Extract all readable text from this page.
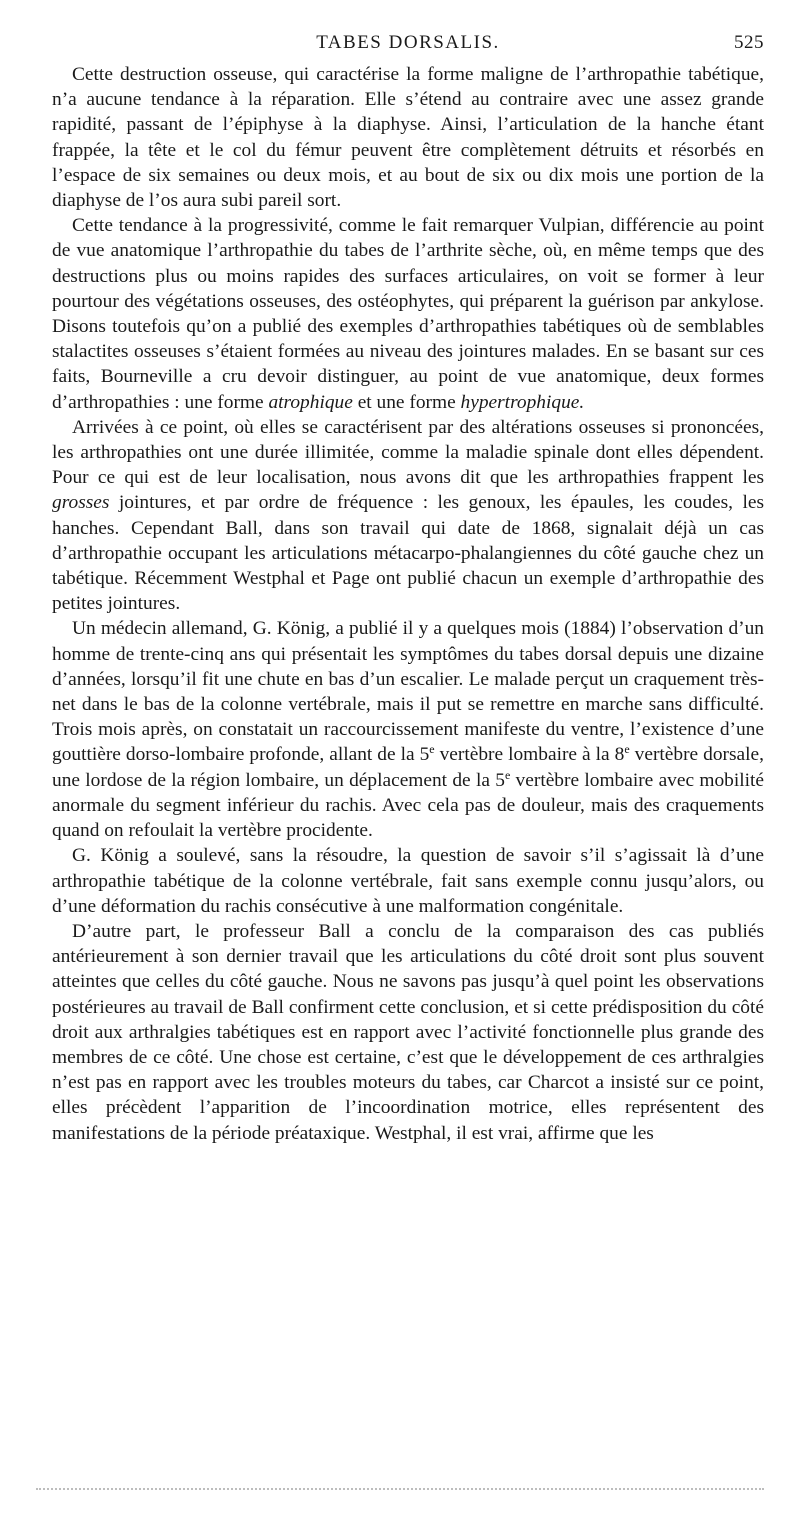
TABES DORSALIS.	525

Cette destruction osseuse, qui caractérise la forme maligne de l’arthropathie tabétique, n’a aucune tendance à la réparation. Elle s’étend au contraire avec une assez grande rapidité, passant de l’épiphyse à la diaphyse. Ainsi, l’articulation de la hanche étant frappée, la tête et le col du fémur peuvent être complètement détruits et résorbés en l’espace de six semaines ou deux mois, et au bout de six ou dix mois une portion de la diaphyse de l’os aura subi pareil sort.

Cette tendance à la progressivité, comme le fait remarquer Vulpian, différencie au point de vue anatomique l’arthropathie du tabes de l’arthrite sèche, où, en même temps que des destructions plus ou moins rapides des surfaces articulaires, on voit se former à leur pourtour des végétations osseuses, des ostéophytes, qui préparent la guérison par ankylose. Disons toutefois qu’on a publié des exemples d’arthropathies tabétiques où de semblables stalactites osseuses s’étaient formées au niveau des jointures malades. En se basant sur ces faits, Bourneville a cru devoir distinguer, au point de vue anatomique, deux formes d’arthropathies : une forme atrophique et une forme hypertrophique.

Arrivées à ce point, où elles se caractérisent par des altérations osseuses si prononcées, les arthropathies ont une durée illimitée, comme la maladie spinale dont elles dépendent. Pour ce qui est de leur localisation, nous avons dit que les arthropathies frappent les grosses jointures, et par ordre de fréquence : les genoux, les épaules, les coudes, les hanches. Cependant Ball, dans son travail qui date de 1868, signalait déjà un cas d’arthropathie occupant les articulations métacarpo-phalangiennes du côté gauche chez un tabétique. Récemment Westphal et Page ont publié chacun un exemple d’arthropathie des petites jointures.

Un médecin allemand, G. König, a publié il y a quelques mois (1884) l’observation d’un homme de trente-cinq ans qui présentait les symptômes du tabes dorsal depuis une dizaine d’années, lorsqu’il fit une chute en bas d’un escalier. Le malade perçut un craquement très-net dans le bas de la colonne vertébrale, mais il put se remettre en marche sans difficulté. Trois mois après, on constatait un raccourcissement manifeste du ventre, l’existence d’une gouttière dorso-lombaire profonde, allant de la 5e vertèbre lombaire à la 8e vertèbre dorsale, une lordose de la région lombaire, un déplacement de la 5e vertèbre lombaire avec mobilité anormale du segment inférieur du rachis. Avec cela pas de douleur, mais des craquements quand on refoulait la vertèbre procidente.

G. König a soulevé, sans la résoudre, la question de savoir s’il s’agissait là d’une arthropathie tabétique de la colonne vertébrale, fait sans exemple connu jusqu’alors, ou d’une déformation du rachis consécutive à une malformation congénitale.

D’autre part, le professeur Ball a conclu de la comparaison des cas publiés antérieurement à son dernier travail que les articulations du côté droit sont plus souvent atteintes que celles du côté gauche. Nous ne savons pas jusqu’à quel point les observations postérieures au travail de Ball confirment cette conclusion, et si cette prédisposition du côté droit aux arthralgies tabétiques est en rapport avec l’activité fonctionnelle plus grande des membres de ce côté. Une chose est certaine, c’est que le développement de ces arthralgies n’est pas en rapport avec les troubles moteurs du tabes, car Charcot a insisté sur ce point, elles précèdent l’apparition de l’incoordination motrice, elles représentent des manifestations de la période préataxique. Westphal, il est vrai, affirme que les
